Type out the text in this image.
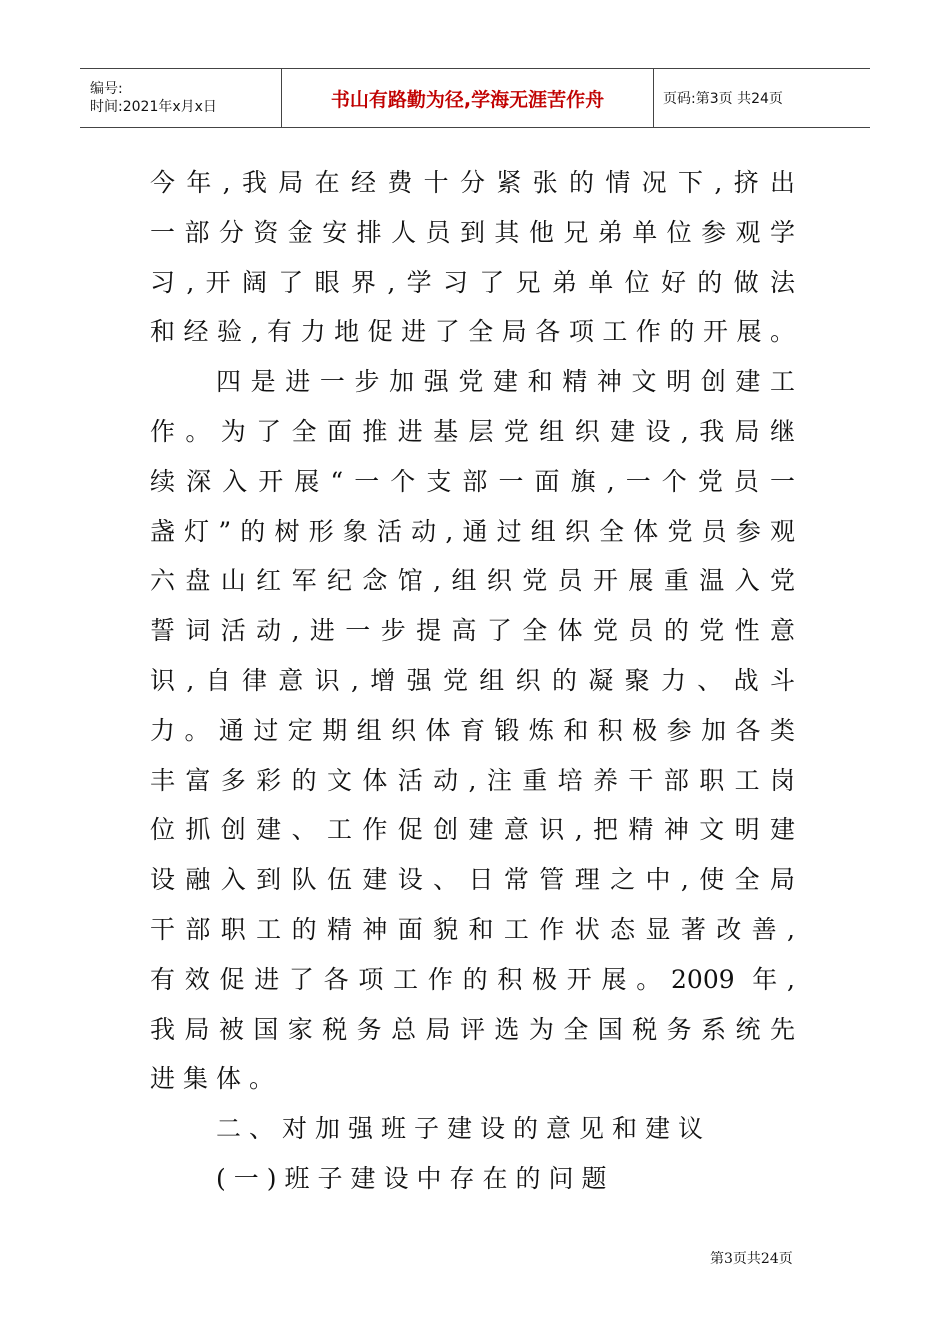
编号:
时间:2021年x月x日	书山有路勤为径,学海无涯苦作舟	页码:第3页 共24页
今年,我局在经费十分紧张的情况下,挤出
一部分资金安排人员到其他兄弟单位参观学
习,开阔了眼界,学习了兄弟单位好的做法
和经验,有力地促进了全局各项工作的开展。
四是进一步加强党建和精神文明创建工
作。为了全面推进基层党组织建设,我局继
续深入开展“一个支部一面旗,一个党员一
盏灯”的树形象活动,通过组织全体党员参观
六盘山红军纪念馆,组织党员开展重温入党
誓词活动,进一步提高了全体党员的党性意
识,自律意识,增强党组织的凝聚力、战斗
力。通过定期组织体育锻炼和积极参加各类
丰富多彩的文体活动,注重培养干部职工岗
位抓创建、工作促创建意识,把精神文明建
设融入到队伍建设、日常管理之中,使全局
干部职工的精神面貌和工作状态显著改善,
有效促进了各项工作的积极开展。2009 年,
我局被国家税务总局评选为全国税务系统先
进集体。
二、对加强班子建设的意见和建议
(一)班子建设中存在的问题
第3页共24页
